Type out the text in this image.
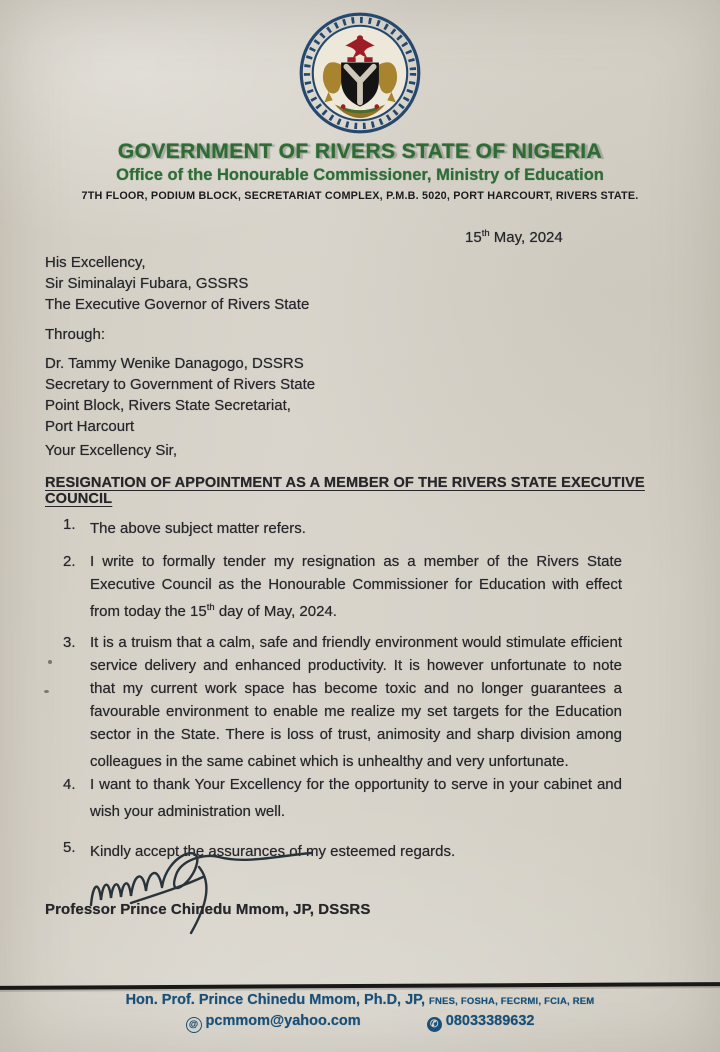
GOVERNMENT OF RIVERS STATE OF NIGERIA
Office of the Honourable Commissioner, Ministry of Education
7TH FLOOR, PODIUM BLOCK, SECRETARIAT COMPLEX, P.M.B. 5020, PORT HARCOURT, RIVERS STATE.
15th May, 2024
His Excellency,
Sir Siminalayi Fubara, GSSRS
The Executive Governor of Rivers State
Through:
Dr. Tammy Wenike Danagogo, DSSRS
Secretary to Government of Rivers State
Point Block, Rivers State Secretariat,
Port Harcourt
Your Excellency Sir,
RESIGNATION OF APPOINTMENT AS A MEMBER OF THE RIVERS STATE EXECUTIVE COUNCIL
1. The above subject matter refers.
2. I write to formally tender my resignation as a member of the Rivers State Executive Council as the Honourable Commissioner for Education with effect from today the 15th day of May, 2024.
3. It is a truism that a calm, safe and friendly environment would stimulate efficient service delivery and enhanced productivity. It is however unfortunate to note that my current work space has become toxic and no longer guarantees a favourable environment to enable me realize my set targets for the Education sector in the State. There is loss of trust, animosity and sharp division among colleagues in the same cabinet which is unhealthy and very unfortunate.
4. I want to thank Your Excellency for the opportunity to serve in your cabinet and wish your administration well.
5. Kindly accept the assurances of my esteemed regards.
Professor Prince Chinedu Mmom, JP, DSSRS
Hon. Prof. Prince Chinedu Mmom, Ph.D, JP, FNES, FOSHA, FECRMI, FCIA, REM
@ pcmmom@yahoo.com	✆ 08033389632
